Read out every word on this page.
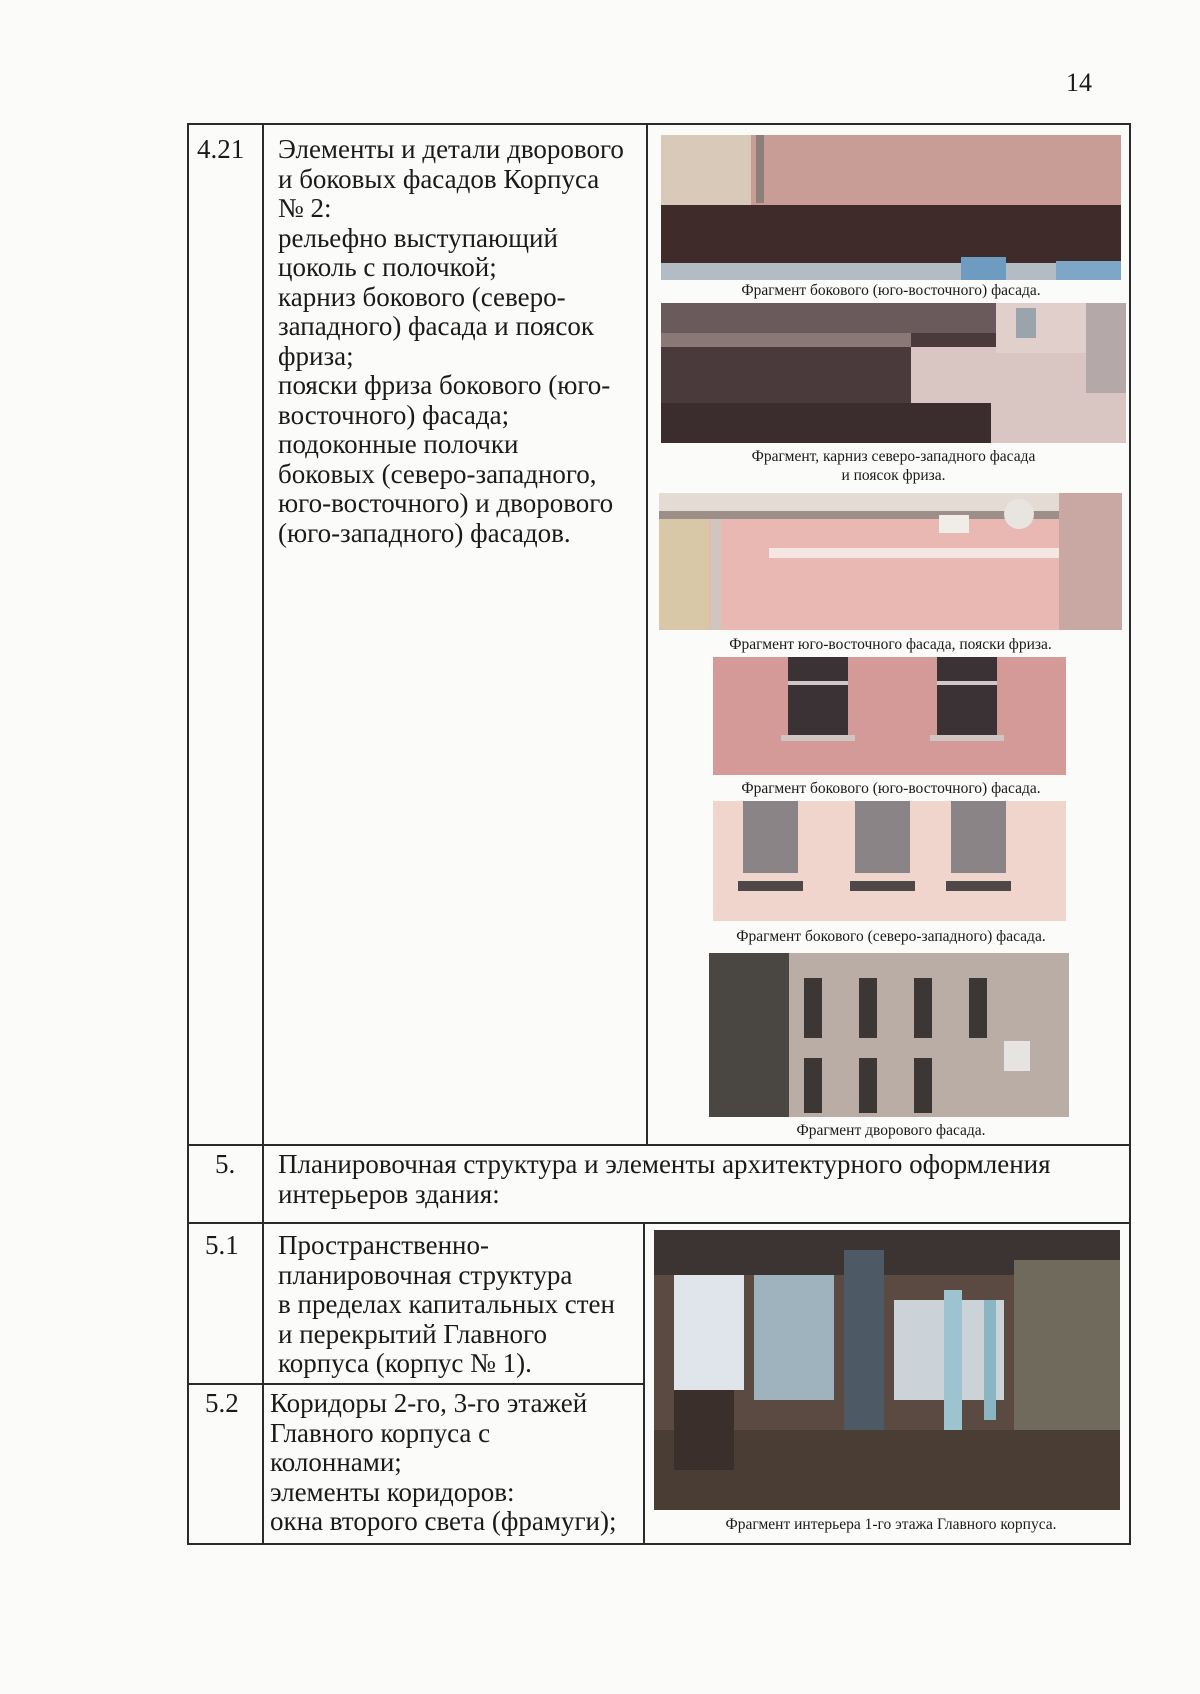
14
4.21 Элементы и детали дворового
и боковых фасадов Корпуса
№ 2:
рельефно выступающий
цоколь с полочкой;
карниз бокового (северо-
западного) фасада и поясок
фриза;
пояски фриза бокового (юго-
восточного) фасада;
подоконные полочки
боковых (северо-западного,
юго-восточного) и дворового
(юго-западного) фасадов.
Фрагмент бокового (юго-восточного) фасада.
Фрагмент, карниз северо-западного фасада
и поясок фриза.
Фрагмент юго-восточного фасада, пояски фриза.
Фрагмент бокового (юго-восточного) фасада.
Фрагмент бокового (северо-западного) фасада.
Фрагмент дворового фасада.
5. Планировочная структура и элементы архитектурного оформления
интерьеров здания:
5.1 Пространственно-
планировочная структура
в пределах капитальных стен
и перекрытий Главного
корпуса (корпус № 1).
5.2 Коридоры 2-го, 3-го этажей
Главного корпуса с
колоннами;
элементы коридоров:
окна второго света (фрамуги);	Фрагмент интерьера 1-го этажа Главного корпуса.
